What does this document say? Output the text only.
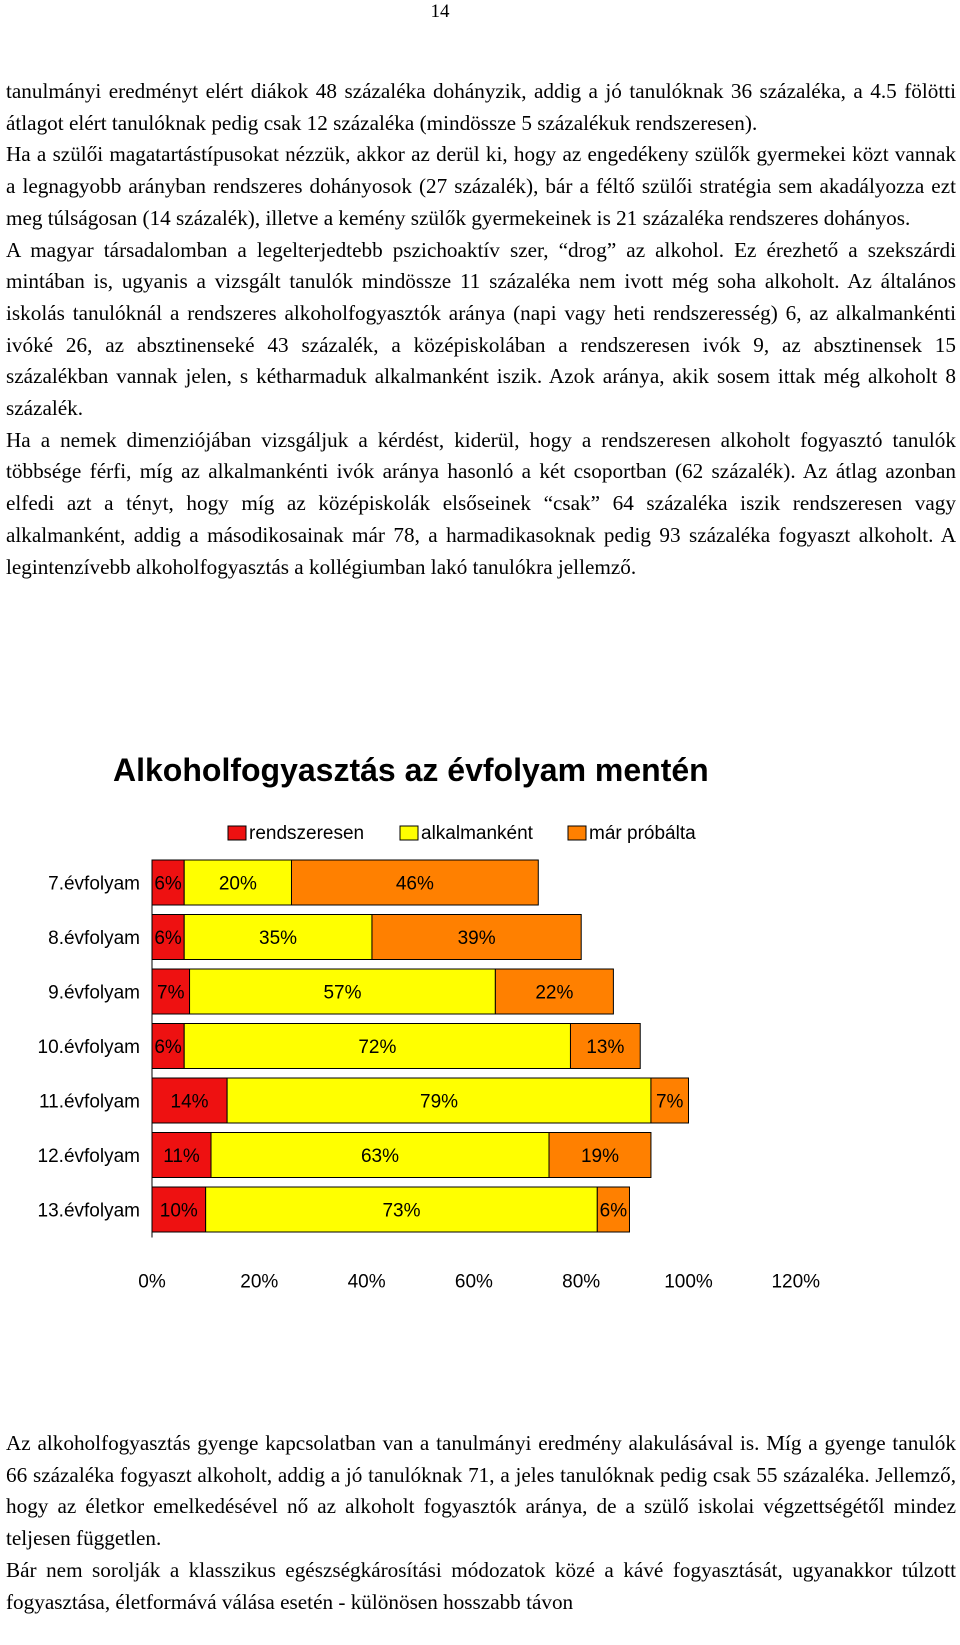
14

tanulmányi eredményt elért diákok 48 százaléka dohányzik, addig a jó tanulóknak 36 százaléka, a 4.5 fölötti átlagot elért tanulóknak pedig csak 12 százaléka (mindössze 5 százalékuk rendszeresen).

Ha a szülői magatartástípusokat nézzük, akkor az derül ki, hogy az engedékeny szülők gyermekei közt vannak a legnagyobb arányban rendszeres dohányosok (27 százalék), bár a féltő szülői stratégia sem akadályozza ezt meg túlságosan (14 százalék), illetve a kemény szülők gyermekeinek is 21 százaléka rendszeres dohányos.

A magyar társadalomban a legelterjedtebb pszichoaktív szer, “drog” az alkohol. Ez érezhető a szekszárdi mintában is, ugyanis a vizsgált tanulók mindössze 11 százaléka nem ivott még soha alkoholt. Az általános iskolás tanulóknál a rendszeres alkoholfogyasztók aránya (napi vagy heti rendszeresség) 6, az alkalmankénti ivóké 26, az absztinenseké 43 százalék, a középiskolában a rendszeresen ivók 9, az absztinensek 15 százalékban vannak jelen, s kétharmaduk alkalmanként iszik. Azok aránya, akik sosem ittak még alkoholt 8 százalék.

Ha a nemek dimenziójában vizsgáljuk a kérdést, kiderül, hogy a rendszeresen alkoholt fogyasztó tanulók többsége férfi, míg az alkalmankénti ivók aránya hasonló a két csoportban (62 százalék). Az átlag azonban elfedi azt a tényt, hogy míg az középiskolák elsőseinek “csak” 64 százaléka iszik rendszeresen vagy alkalmanként, addig a másodikosainak már 78, a harmadikasoknak pedig 93 százaléka fogyaszt alkoholt. A legintenzívebb alkoholfogyasztás a kollégiumban lakó tanulókra jellemző.

Alkoholfogyasztás az évfolyam mentén
rendszeresen	alkalmanként	már próbálta
7.évfolyam 6% 20%	46%
8.évfolyam 6%	35%	39%
9.évfolyam 7%	57%	22%
10.évfolyam 6%	72%	13%
11.évfolyam 14%	79%	7%
12.évfolyam 11%	63%	19%
13.évfolyam 10%	73%	6%
0%	20%	40%	60%	80%	100%	120%

Az alkoholfogyasztás gyenge kapcsolatban van a tanulmányi eredmény alakulásával is. Míg a gyenge tanulók 66 százaléka fogyaszt alkoholt, addig a jó tanulóknak 71, a jeles tanulóknak pedig csak 55 százaléka. Jellemző, hogy az életkor emelkedésével nő az alkoholt fogyasztók aránya, de a szülő iskolai végzettségétől mindez teljesen független.

Bár nem sorolják a klasszikus egészségkárosítási módozatok közé a kávé fogyasztását, ugyanakkor túlzott fogyasztása, életformává válása esetén - különösen hosszabb távon
